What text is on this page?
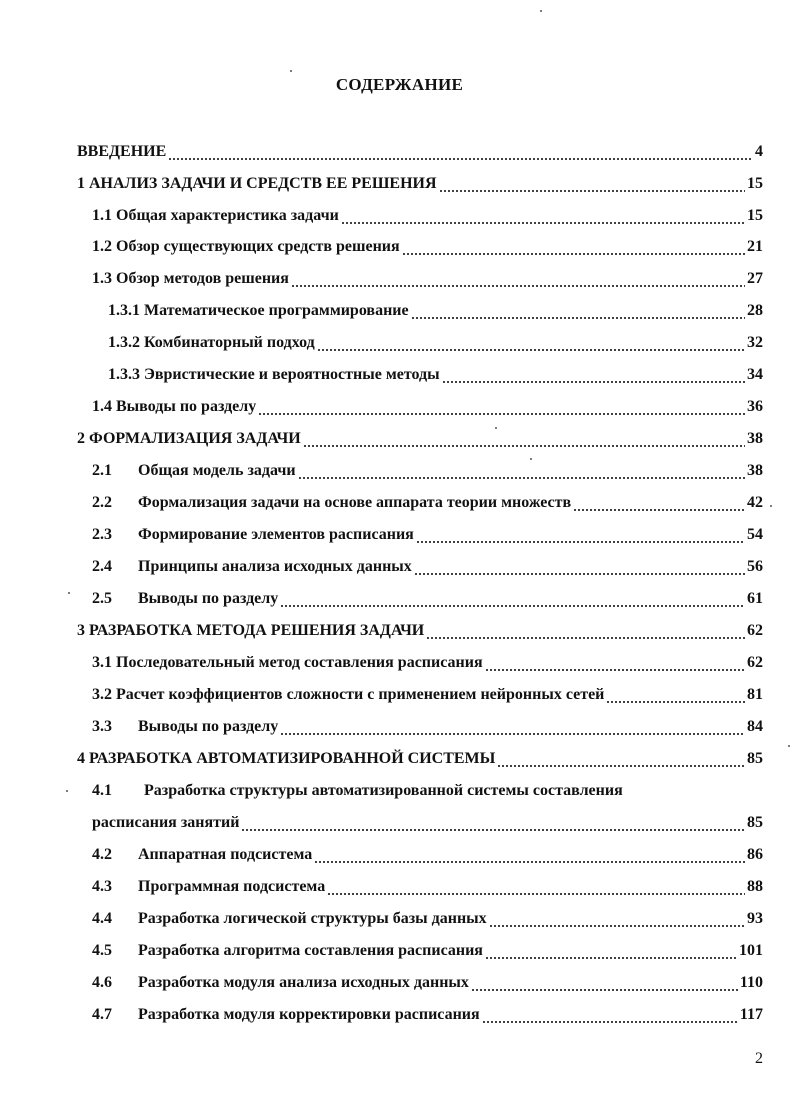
СОДЕРЖАНИЕ
ВВЕДЕНИЕ	4
1 АНАЛИЗ ЗАДАЧИ И СРЕДСТВ ЕЕ РЕШЕНИЯ	15
1.1 Общая характеристика задачи	15
1.2 Обзор существующих средств решения	21
1.3 Обзор методов решения	27
1.3.1 Математическое программирование	28
1.3.2 Комбинаторный подход	32
1.3.3 Эвристические и вероятностные методы	34
1.4 Выводы по разделу	36
2 ФОРМАЛИЗАЦИЯ ЗАДАЧИ	38
2.1	Общая модель задачи	38
2.2	Формализация задачи на основе аппарата теории множеств	42
2.3	Формирование элементов расписания	54
2.4	Принципы анализа исходных данных	56
2.5	Выводы по разделу	61
3 РАЗРАБОТКА МЕТОДА РЕШЕНИЯ ЗАДАЧИ	62
3.1 Последовательный метод составления расписания	62
3.2 Расчет коэффициентов сложности с применением нейронных сетей	81
3.3	Выводы по разделу	84
4 РАЗРАБОТКА АВТОМАТИЗИРОВАННОЙ СИСТЕМЫ	85
4.1 Разработка структуры автоматизированной системы составления
расписания занятий	85
4.2	Аппаратная подсистема	86
4.3	Программная подсистема	88
4.4	Разработка логической структуры базы данных	93
4.5	Разработка алгоритма составления расписания	101
4.6	Разработка модуля анализа исходных данных	110
4.7	Разработка модуля корректировки расписания	117
2
